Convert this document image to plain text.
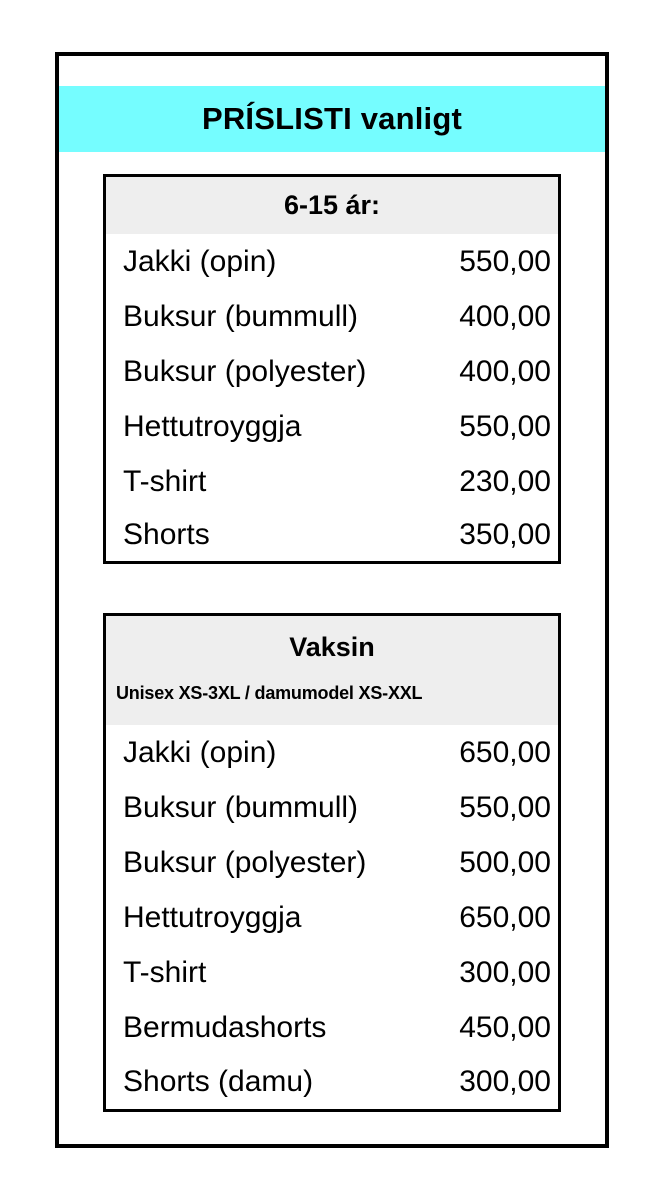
PRÍSLISTI vanligt
6-15 ár:
Jakki (opin)	550,00
Buksur (bummull)	400,00
Buksur (polyester)	400,00
Hettutroyggja	550,00
T-shirt	230,00
Shorts	350,00
Vaksin
Unisex XS-3XL / damumodel XS-XXL
Jakki (opin)	650,00
Buksur (bummull)	550,00
Buksur (polyester)	500,00
Hettutroyggja	650,00
T-shirt	300,00
Bermudashorts	450,00
Shorts (damu)	300,00
